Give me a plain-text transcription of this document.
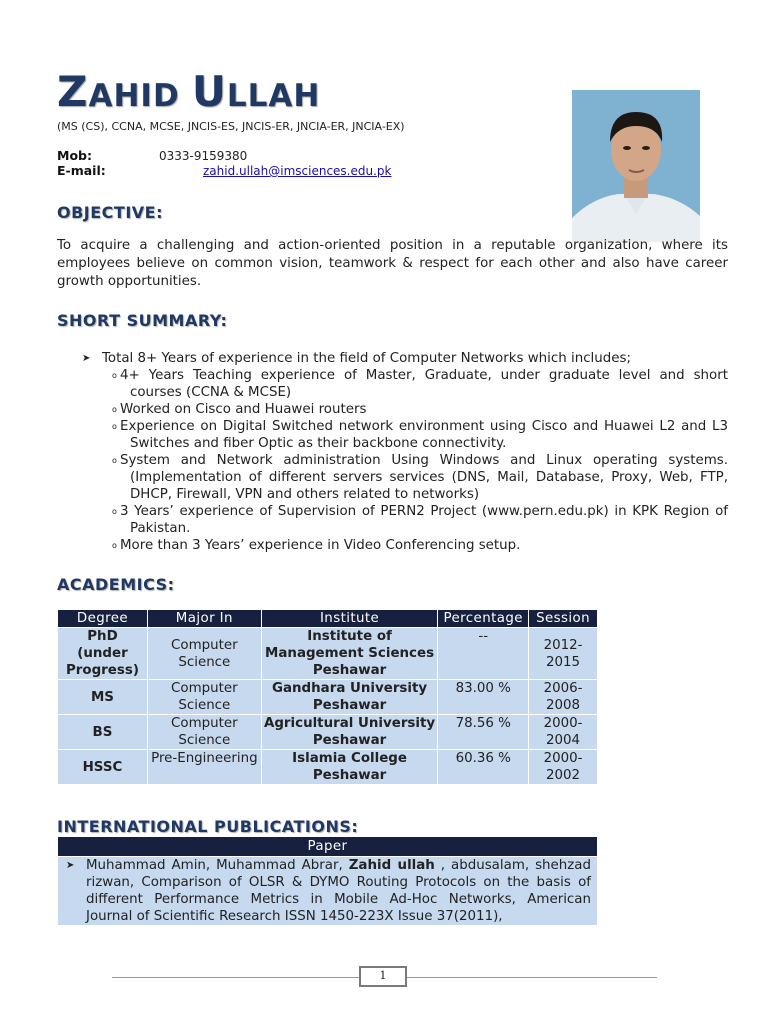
ZAHID ULLAH
(MS (CS), CCNA, MCSE, JNCIS-ES, JNCIS-ER, JNCIA-ER, JNCIA-EX)
Mob:	0333-9159380
E-mail:	zahid.ullah@imsciences.edu.pk
OBJECTIVE:
To acquire a challenging and action-oriented position in a reputable organization, where its employees believe on common vision, teamwork & respect for each other and also have career growth opportunities.
SHORT SUMMARY:
➤ Total 8+ Years of experience in the field of Computer Networks which includes;
o 4+ Years Teaching experience of Master, Graduate, under graduate level and short courses (CCNA & MCSE)
o Worked on Cisco and Huawei routers
o Experience on Digital Switched network environment using Cisco and Huawei L2 and L3 Switches and fiber Optic as their backbone connectivity.
o System and Network administration Using Windows and Linux operating systems. (Implementation of different servers services (DNS, Mail, Database, Proxy, Web, FTP, DHCP, Firewall, VPN and others related to networks)
o 3 Years’ experience of Supervision of PERN2 Project (www.pern.edu.pk) in KPK Region of Pakistan.
o More than 3 Years’ experience in Video Conferencing setup.
ACADEMICS:
Degree	Major In	Institute	Percentage	Session
PhD (under Progress)	Computer Science	Institute of Management Sciences Peshawar	--	2012-2015
MS	Computer Science	Gandhara University Peshawar	83.00 %	2006-2008
BS	Computer Science	Agricultural University Peshawar	78.56 %	2000-2004
HSSC	Pre-Engineering	Islamia College Peshawar	60.36 %	2000-2002
INTERNATIONAL PUBLICATIONS:
Paper

➤ Muhammad Amin, Muhammad Abrar, Zahid ullah , abdusalam, shehzad rizwan, Comparison of OLSR & DYMO Routing Protocols on the basis of different Performance Metrics in Mobile Ad-Hoc Networks, American Journal of Scientific Research ISSN 1450-223X Issue 37(2011),
1
